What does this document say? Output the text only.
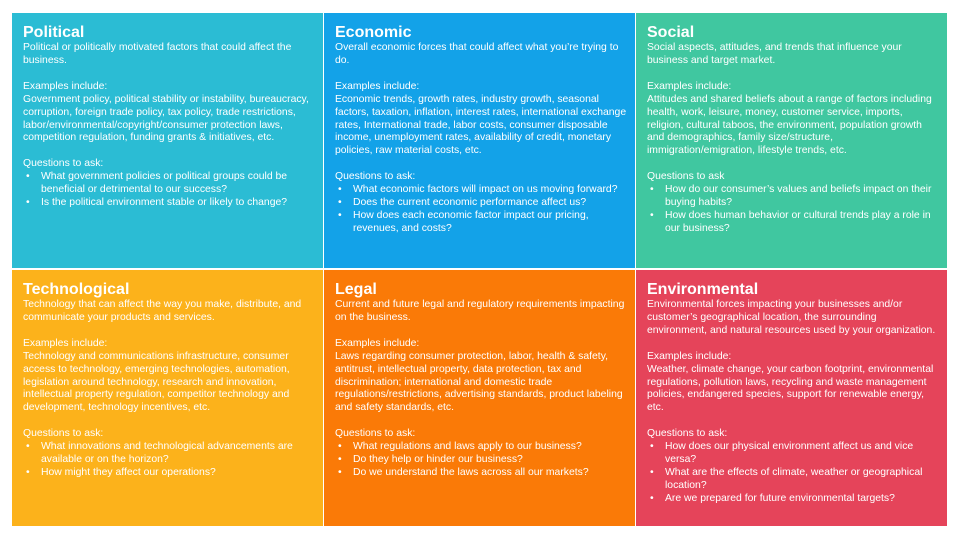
Political

Political or politically motivated factors that could affect the business.

Examples include:

Government policy, political stability or instability, bureaucracy, corruption, foreign trade policy, tax policy, trade restrictions, labor/environmental/copyright/consumer protection laws, competition regulation, funding grants & initiatives, etc.

Questions to ask:
• What government policies or political groups could be beneficial or detrimental to our success?
• Is the political environment stable or likely to change?
Economic

Overall economic forces that could affect what you’re trying to do.

Examples include:

Economic trends, growth rates, industry growth, seasonal factors, taxation, inflation, interest rates, international exchange rates, International trade, labor costs, consumer disposable income, unemployment rates, availability of credit, monetary policies, raw material costs, etc.

Questions to ask:
• What economic factors will impact on us moving forward?
• Does the current economic performance affect us?
• How does each economic factor impact our pricing, revenues, and costs?
Social

Social aspects, attitudes, and trends that influence your business and target market.

Examples include:

Attitudes and shared beliefs about a range of factors including health, work, leisure, money, customer service, imports, religion, cultural taboos, the environment, population growth and demographics, family size/structure, immigration/emigration, lifestyle trends, etc.

Questions to ask
• How do our consumer’s values and beliefs impact on their buying habits?
• How does human behavior or cultural trends play a role in our business?
Technological

Technology that can affect the way you make, distribute, and communicate your products and services.

Examples include:

Technology and communications infrastructure, consumer access to technology, emerging technologies, automation, legislation around technology, research and innovation, intellectual property regulation, competitor technology and development, technology incentives, etc.

Questions to ask:
• What innovations and technological advancements are available or on the horizon?
• How might they affect our operations?
Legal

Current and future legal and regulatory requirements impacting on the business.

Examples include:

Laws regarding consumer protection, labor, health & safety, antitrust, intellectual property, data protection, tax and discrimination; international and domestic trade regulations/restrictions, advertising standards, product labeling and safety standards, etc.

Questions to ask:
• What regulations and laws apply to our business?
• Do they help or hinder our business?
• Do we understand the laws across all our markets?
Environmental

Environmental forces impacting your businesses and/or customer’s geographical location, the surrounding environment, and natural resources used by your organization.

Examples include:

Weather, climate change, your carbon footprint, environmental regulations, pollution laws, recycling and waste management policies, endangered species, support for renewable energy, etc.

Questions to ask:
• How does our physical environment affect us and vice versa?
• What are the effects of climate, weather or geographical location?
• Are we prepared for future environmental targets?
